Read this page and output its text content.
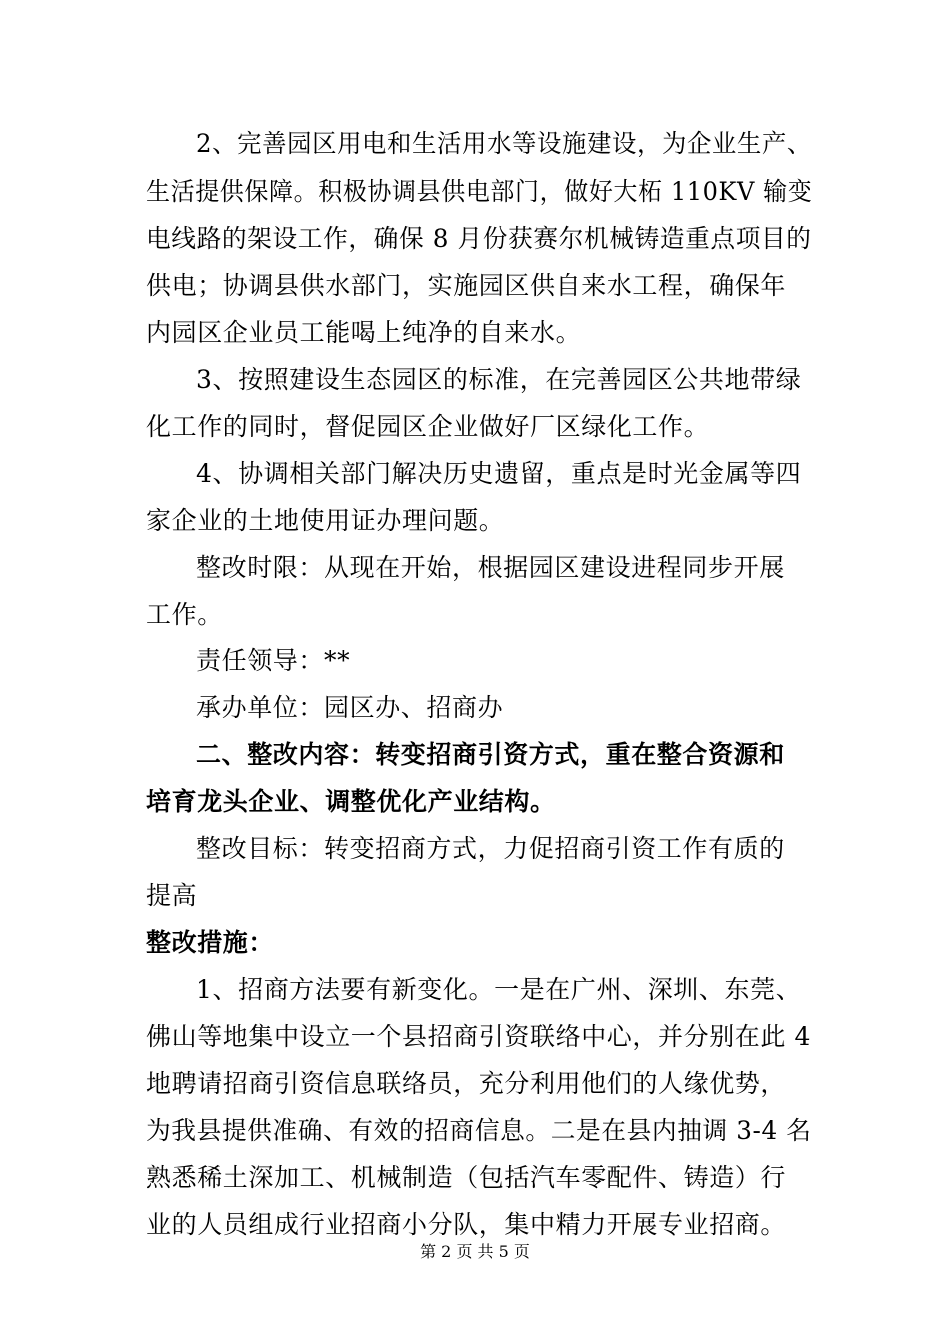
2、完善园区用电和生活用水等设施建设，为企业生产、
生活提供保障。积极协调县供电部门，做好大柘 110KV 输变
电线路的架设工作，确保 8 月份获赛尔机械铸造重点项目的
供电；协调县供水部门，实施园区供自来水工程，确保年
内园区企业员工能喝上纯净的自来水。
3、按照建设生态园区的标准，在完善园区公共地带绿
化工作的同时，督促园区企业做好厂区绿化工作。
4、协调相关部门解决历史遗留，重点是时光金属等四
家企业的土地使用证办理问题。
整改时限：从现在开始，根据园区建设进程同步开展
工作。
责任领导：**
承办单位：园区办、招商办
二、整改内容：转变招商引资方式，重在整合资源和
培育龙头企业、调整优化产业结构。
整改目标：转变招商方式，力促招商引资工作有质的
提高
整改措施：
1、招商方法要有新变化。一是在广州、深圳、东莞、
佛山等地集中设立一个县招商引资联络中心，并分别在此 4
地聘请招商引资信息联络员，充分利用他们的人缘优势，
为我县提供准确、有效的招商信息。二是在县内抽调 3-4 名
熟悉稀土深加工、机械制造（包括汽车零配件、铸造）行
业的人员组成行业招商小分队，集中精力开展专业招商。
第 2 页 共 5 页
